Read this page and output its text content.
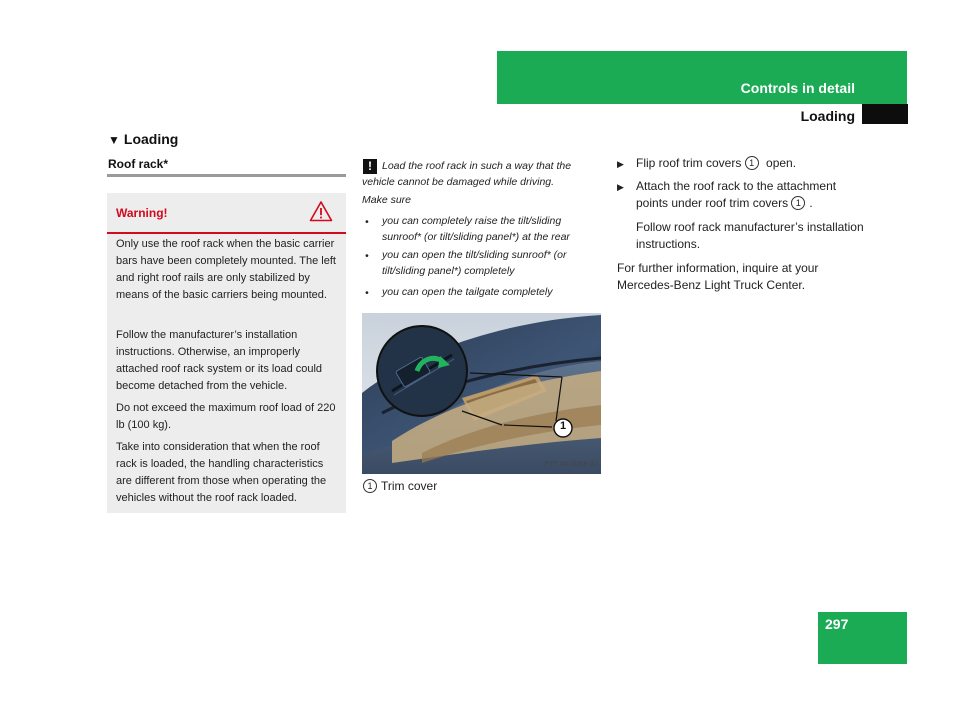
Controls in detail
Loading
▼ Loading
Roof rack*
Warning!
Only use the roof rack when the basic carrier bars have been completely mounted. The left and right roof rails are only stabilized by means of the basic carriers being mounted.
Follow the manufacturer’s installation instructions. Otherwise, an improperly attached roof rack system or its load could become detached from the vehicle.
Do not exceed the maximum roof load of 220 lb (100 kg).
Take into consideration that when the roof rack is loaded, the handling characteristics are different from those when operating the vehicles without the roof rack loaded.
! Load the roof rack in such a way that the vehicle cannot be damaged while driving.
Make sure
• you can completely raise the tilt/sliding sunroof* (or tilt/sliding panel*) at the rear
• you can open the tilt/sliding sunroof* (or tilt/sliding panel*) completely
• you can open the tailgate completely
1
P77.40-2068-31
1 Trim cover
▶ Flip roof trim covers 1 open.
▶ Attach the roof rack to the attachment points under roof trim covers 1 .
Follow roof rack manufacturer’s installation instructions.
For further information, inquire at your Mercedes-Benz Light Truck Center.
297
